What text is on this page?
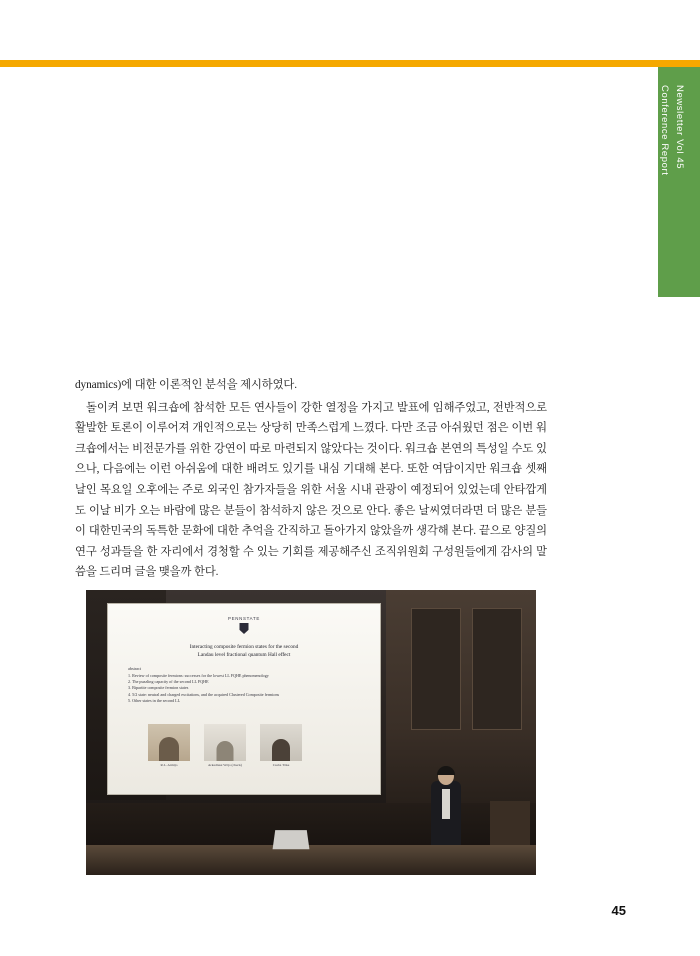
Newsletter Vol 45
Conference Report

dynamics)에 대한 이론적인 분석을 제시하였다.

돌이켜 보면 워크숍에 참석한 모든 연사들이 강한 열정을 가지고 발표에 임해주었고, 전반적으로 활발한 토론이 이루어져 개인적으로는 상당히 만족스럽게 느꼈다. 다만 조금 아쉬웠던 점은 이번 워크숍에서는 비전문가를 위한 강연이 따로 마련되지 않았다는 것이다. 워크숍 본연의 특성일 수도 있으나, 다음에는 이런 아쉬움에 대한 배려도 있기를 내심 기대해 본다. 또한 여담이지만 워크숍 셋째 날인 목요일 오후에는 주로 외국인 참가자들을 위한 서울 시내 관광이 예정되어 있었는데 안타깝게도 이날 비가 오는 바람에 많은 분들이 참석하지 않은 것으로 안다. 좋은 날씨였더라면 더 많은 분들이 대한민국의 독특한 문화에 대한 추억을 간직하고 돌아가지 않았을까 생각해 본다. 끝으로 양질의 연구 성과들을 한 자리에서 경청할 수 있는 기회를 제공해주신 조직위원회 구성원들에게 감사의 말씀을 드리며 글을 맺을까 한다.

PENNSTATE
Interacting composite fermion states for the second
Landau level fractional quantum Hall effect
abstract
1. Review of composite fermions: successes for the lowest LL FQHE phenomenology
2. The puzzling capacity of the second LL FQHE
3. Bipartite composite fermion states
4. 5/2 state: neutral and charged excitations, and the acquired Clustered Composite fermions
5. Other states in the second LL
R.L. Armijo	Arkadiusz Wójs (check)	Csaba Tőke
45
